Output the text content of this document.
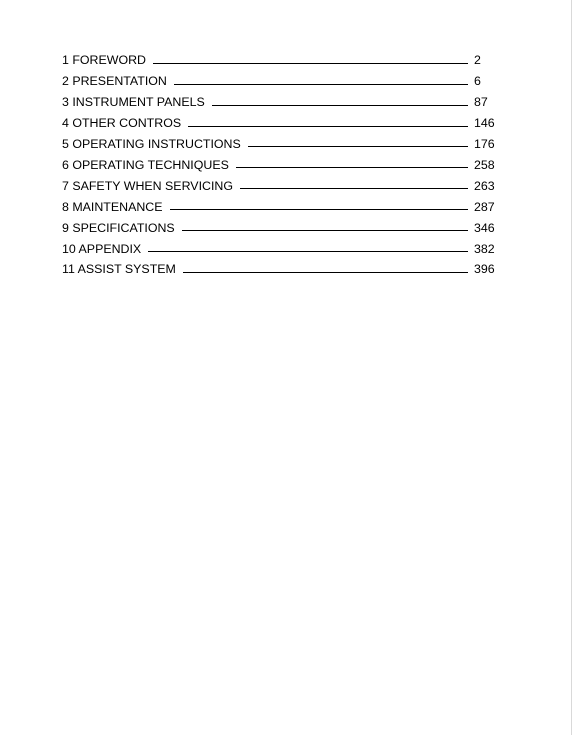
1 FOREWORD	2
2 PRESENTATION	6
3 INSTRUMENT PANELS	87
4 OTHER CONTROS	146
5 OPERATING INSTRUCTIONS	176
6 OPERATING TECHNIQUES	258
7 SAFETY WHEN SERVICING	263
8 MAINTENANCE	287
9 SPECIFICATIONS	346
10 APPENDIX	382
11 ASSIST SYSTEM	396
